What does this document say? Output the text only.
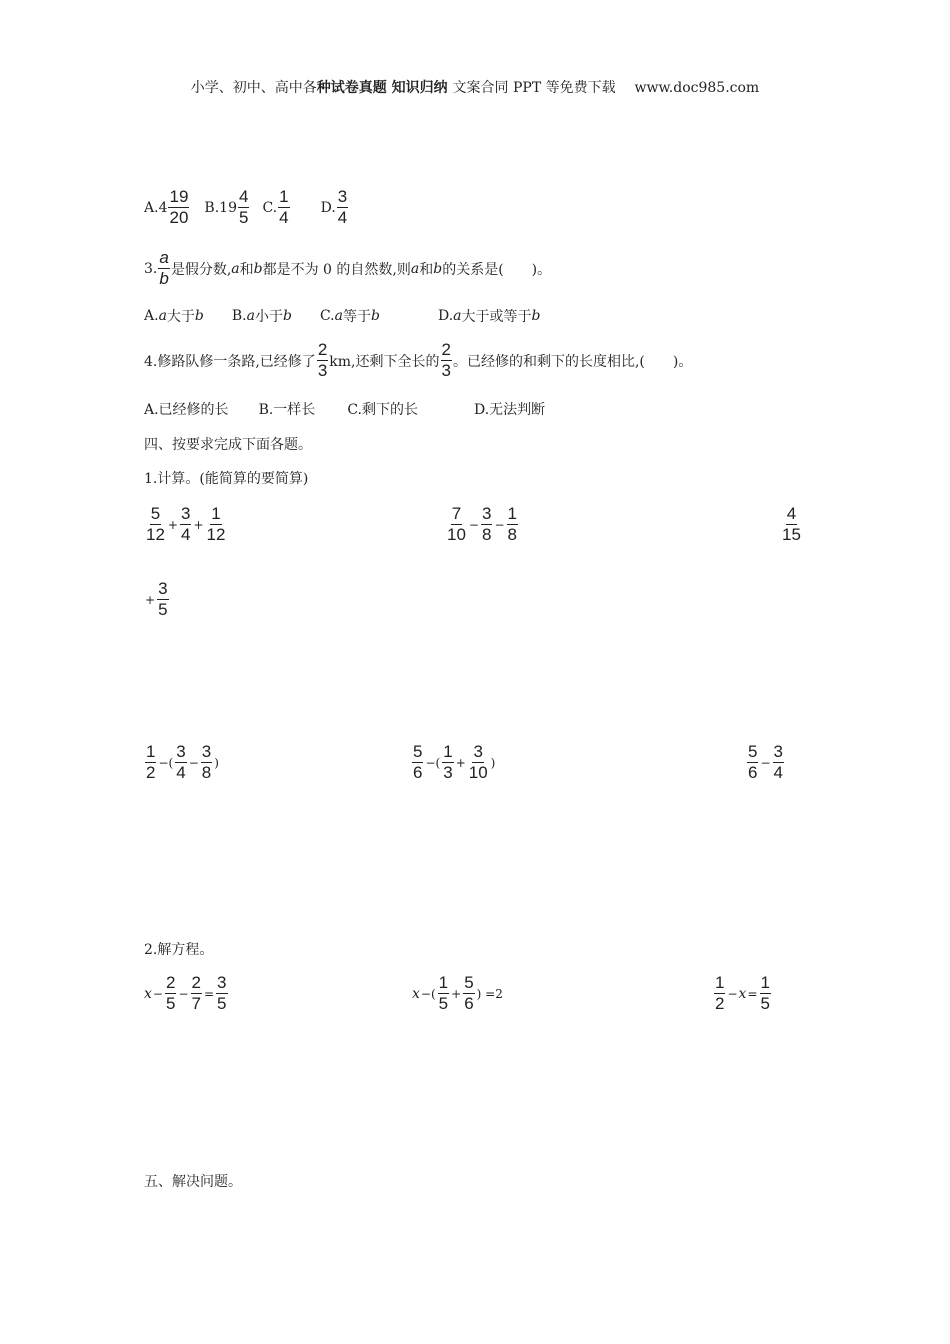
小学、初中、高中各种试卷真题 知识归纳 文案合同 PPT 等免费下载 www.doc985.com
A. $4 \frac{19}{20} B$. $19 \frac{4}{5} C$. $\frac{1}{4} D$. $\frac{3}{4}$
3. $\frac{a}{b}$ 是假分数, a 和 b 都是不为 0 的自然数,则 a 和 b 的关系是(　　)。
A. a 大于 b B. a 小于 b C. a 等于 b	D. a 大于或等于 b
4.修路队修一条路,已经修了 $\frac{2}{3}$ km,还剩下全长的 $\frac{2}{3}$ 。已经修的和剩下的长度相比,(　　)。
A.已经修的长 B.一样长 C.剩下的长	D.无法判断
四、按要求完成下面各题。
1.计算。(能简算的要简算)
$\frac{5}{12} + \frac{3}{4} + \frac{1}{12}$	$\frac{7}{10} - \frac{3}{8} - \frac{1}{8}$	$\frac{4}{15}$
+ $\frac{3}{5}$
$\frac{1}{2}$ −( $\frac{3}{4} - \frac{3}{8}$ )	$\frac{5}{6}$ −( $\frac{1}{3} + \frac{3}{10}$ )	$\frac{5}{6} - \frac{3}{4}$
2.解方程。
$x - \frac{2}{5} - \frac{2}{7} = \frac{3}{5}$	x −( $\frac{1}{5} + \frac{5}{6}$ ) =2	$\frac{1}{2} - x = \frac{1}{5}$
五、解决问题。
